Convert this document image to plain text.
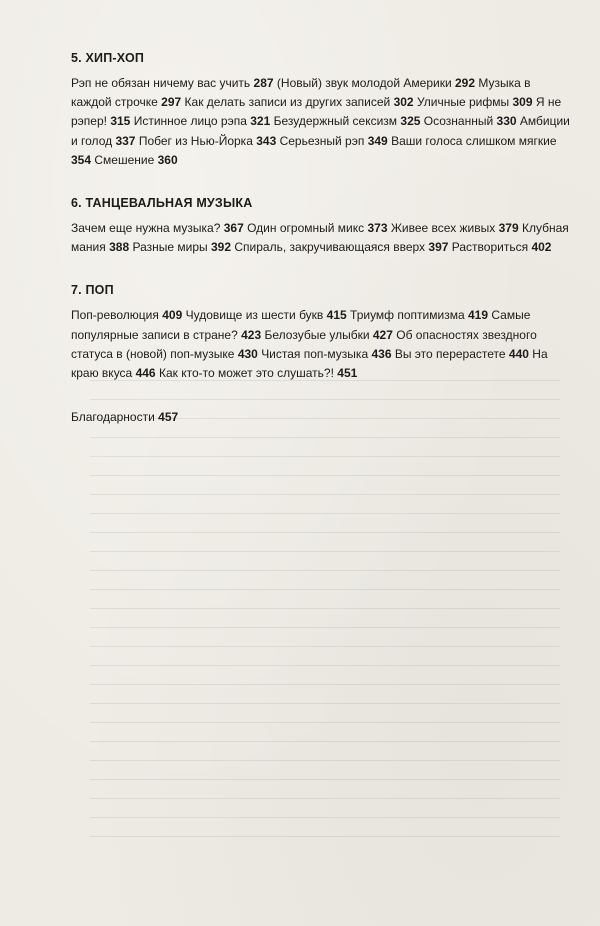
5. ХИП-ХОП
Рэп не обязан ничему вас учить 287 (Новый) звук молодой Америки 292 Музыка в каждой строчке 297 Как делать записи из других записей 302 Уличные рифмы 309 Я не рэпер! 315 Истинное лицо рэпа 321 Безудержный сексизм 325 Осознанный 330 Амбиции и голод 337 Побег из Нью-Йорка 343 Серьезный рэп 349 Ваши голоса слишком мягкие 354 Смешение 360
6. ТАНЦЕВАЛЬНАЯ МУЗЫКА
Зачем еще нужна музыка? 367 Один огромный микс 373 Живее всех живых 379 Клубная мания 388 Разные миры 392 Спираль, закручивающаяся вверх 397 Раствориться 402
7. ПОП
Поп-революция 409 Чудовище из шести букв 415 Триумф поптимизма 419 Самые популярные записи в стране? 423 Белозубые улыбки 427 Об опасностях звездного статуса в (новой) поп-музыке 430 Чистая поп-музыка 436 Вы это перерастете 440 На краю вкуса 446 Как кто-то может это слушать?! 451
Благодарности 457
